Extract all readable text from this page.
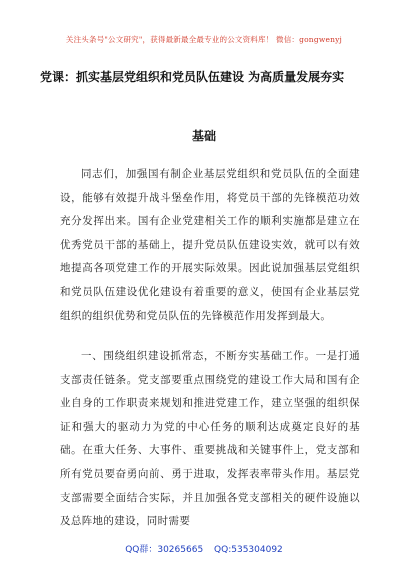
关注头条号"公文研究"，获得最新最全最专业的公文资料库！ 微信：gongwenyj
党课：抓实基层党组织和党员队伍建设 为高质量发展夯实
基础
同志们，加强国有制企业基层党组织和党员队伍的全面建设，能够有效提升战斗堡垒作用，将党员干部的先锋模范功效充分发挥出来。国有企业党建相关工作的顺利实施都是建立在优秀党员干部的基础上，提升党员队伍建设实效，就可以有效地提高各项党建工作的开展实际效果。因此说加强基层党组织和党员队伍建设优化建设有着重要的意义，使国有企业基层党组织的组织优势和党员队伍的先锋模范作用发挥到最大。
一、围绕组织建设抓常态，不断夯实基础工作。一是打通支部责任链条。党支部要重点围绕党的建设工作大局和国有企业自身的工作职责来规划和推进党建工作，建立坚强的组织保证和强大的驱动力为党的中心任务的顺利达成奠定良好的基础。在重大任务、大事件、重要挑战和关键事件上，党支部和所有党员要奋勇向前、勇于进取，发挥表率带头作用。基层党支部需要全面结合实际，并且加强各党支部相关的硬件设施以及总阵地的建设，同时需要
QQ群：30265665 QQ:535304092
